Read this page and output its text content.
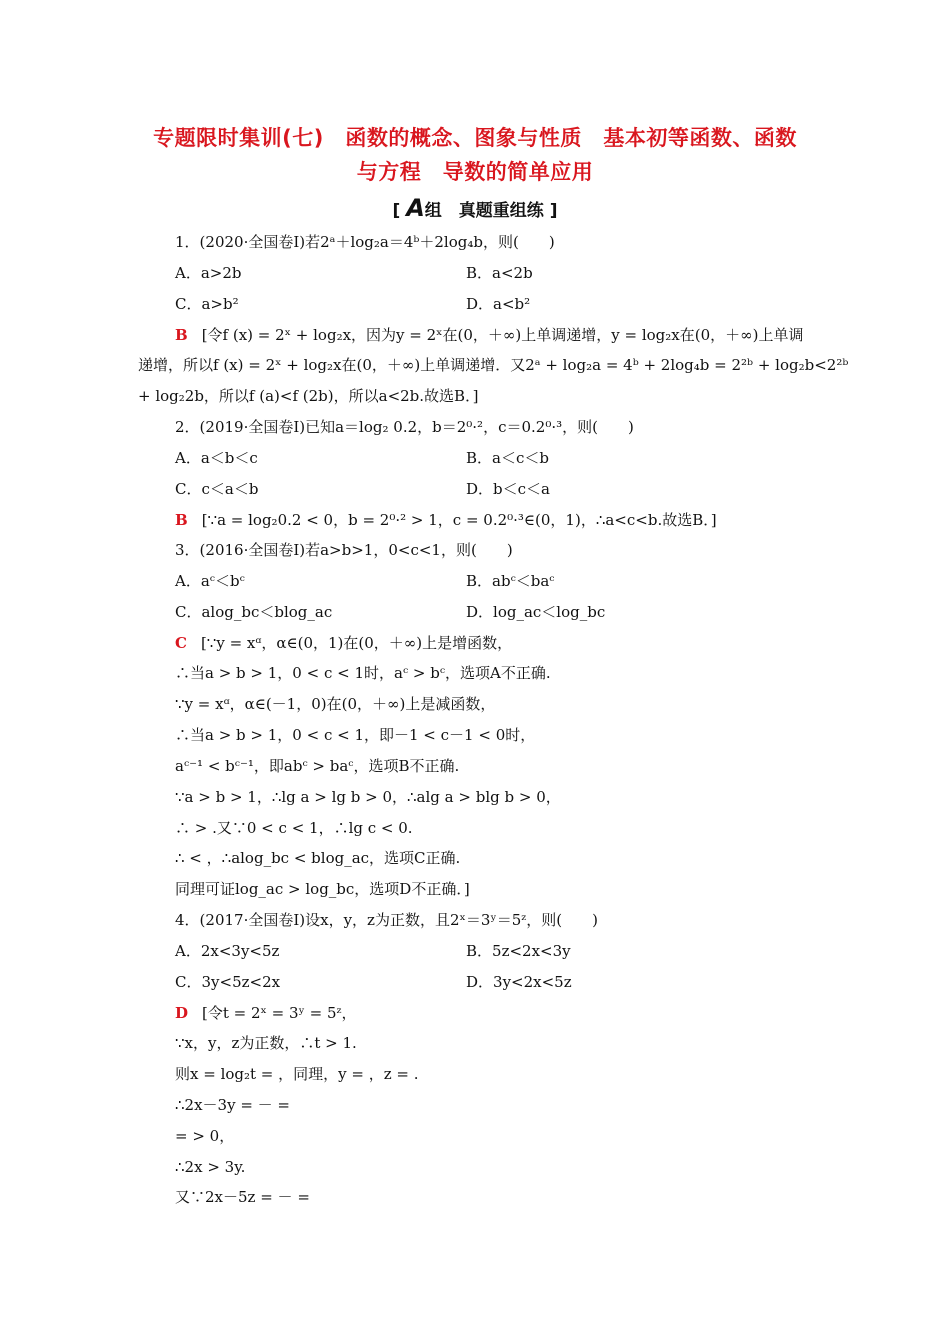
专题限时集训(七)　函数的概念、图象与性质　基本初等函数、函数
与方程　导数的简单应用
[ A组　真题重组练 ]
1．(2020·全国卷Ⅰ)若2ᵃ＋log₂a＝4ᵇ＋2log₄b，则(　　)
A．a>2b	B．a<2b
C．a>b²	D．a<b²
B [令f (x) = 2ˣ + log₂x，因为y = 2ˣ在(0，＋∞)上单调递增，y = log₂x在(0，＋∞)上单调
递增，所以f (x) = 2ˣ + log₂x在(0，＋∞)上单调递增．又2ᵃ + log₂a = 4ᵇ + 2log₄b = 2²ᵇ + log₂b<2²ᵇ
+ log₂2b，所以f (a)<f (2b)，所以a<2b.故选B．]
2．(2019·全国卷Ⅰ)已知a＝log₂ 0.2，b＝2⁰·²，c＝0.2⁰·³，则(　　)
A．a＜b＜c	B．a＜c＜b
C．c＜a＜b	D．b＜c＜a
B [∵a = log₂0.2 < 0，b = 2⁰·² > 1，c = 0.2⁰·³∈(0，1)，∴a<c<b.故选B．]
3．(2016·全国卷Ⅰ)若a>b>1，0<c<1，则(　　)
A．aᶜ＜bᶜ	B．abᶜ＜baᶜ
C．alog_bc＜blog_ac	D．log_ac＜log_bc
C [∵y = xᵅ，α∈(0，1)在(0，＋∞)上是增函数，
∴当a > b > 1，0 < c < 1时，aᶜ > bᶜ，选项A不正确.
∵y = xᵅ，α∈(－1，0)在(0，＋∞)上是减函数，
∴当a > b > 1，0 < c < 1，即－1 < c－1 < 0时，
aᶜ⁻¹ < bᶜ⁻¹，即abᶜ > baᶜ，选项B不正确.
∵a > b > 1，∴lg a > lg b > 0，∴alg a > blg b > 0，
∴ > .又∵0 < c < 1，∴lg c < 0.
∴ < ，∴alog_bc < blog_ac，选项C正确.
同理可证log_ac > log_bc，选项D不正确．]
4．(2017·全国卷Ⅰ)设x，y，z为正数，且2ˣ＝3ʸ＝5ᶻ，则(　　)
A．2x<3y<5z	B．5z<2x<3y
C．3y<5z<2x	D．3y<2x<5z
D [令t = 2ˣ = 3ʸ = 5ᶻ，
∵x，y，z为正数，∴t > 1.
则x = log₂t = ，同理，y = ，z = .
∴2x－3y = － =
= > 0，
∴2x > 3y.
又∵2x－5z = － =
